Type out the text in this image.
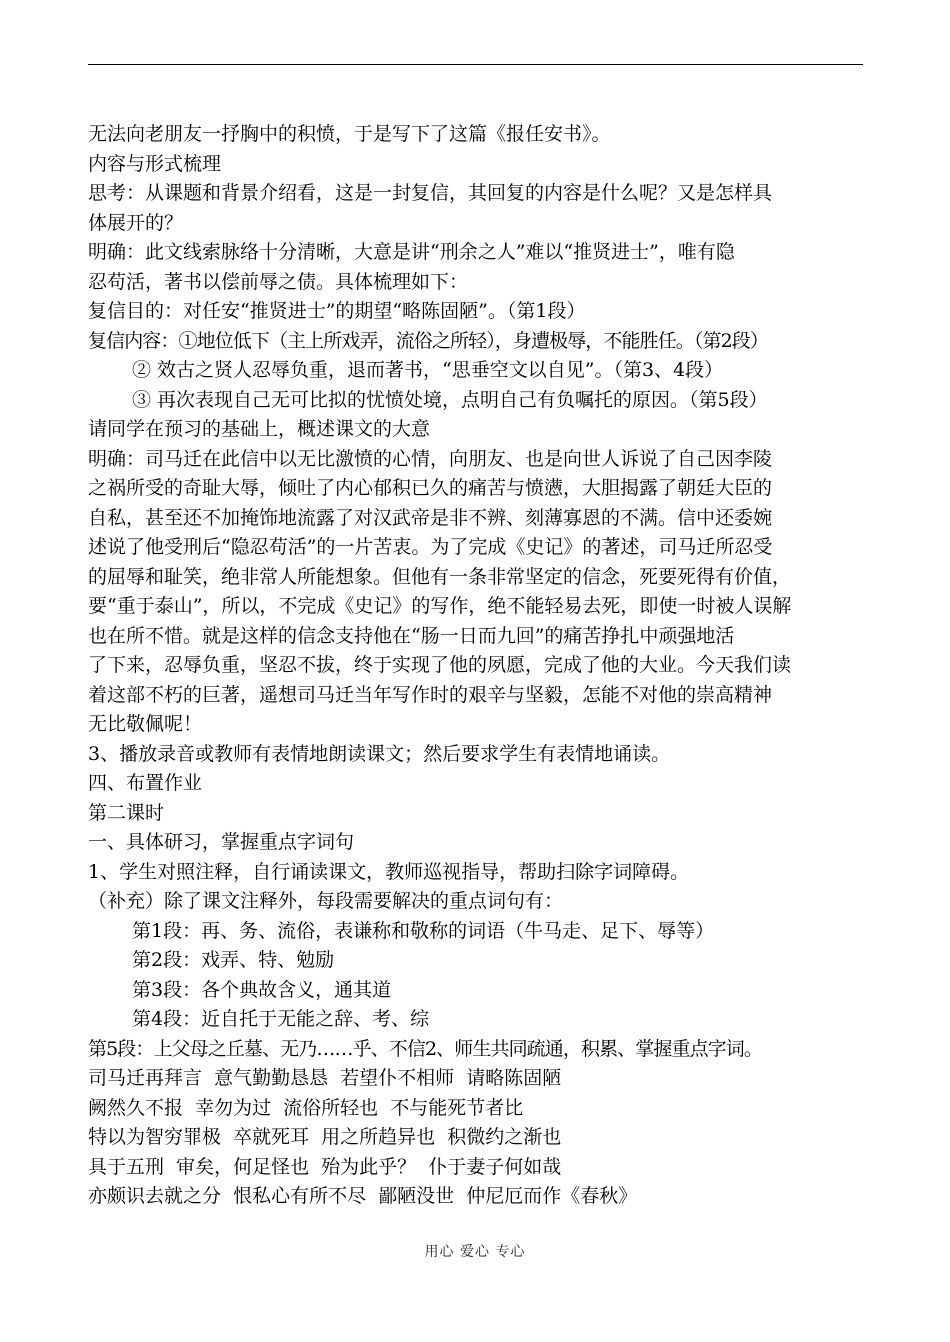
无法向老朋友一抒胸中的积愤，于是写下了这篇《报任安书》。
内容与形式梳理
思考：从课题和背景介绍看，这是一封复信，其回复的内容是什么呢？又是怎样具
体展开的？
明确：此文线索脉络十分清晰，大意是讲“刑余之人”难以“推贤进士”，唯有隐
忍苟活，著书以偿前辱之债。具体梳理如下：
复信目的：对任安“推贤进士”的期望“略陈固陋”。（第1段）
复信内容：①地位低下（主上所戏弄，流俗之所轻），身遭极辱，不能胜任。（第2段）
② 效古之贤人忍辱负重，退而著书，“思垂空文以自见”。（第3、4段）
③ 再次表现自己无可比拟的忧愤处境，点明自己有负嘱托的原因。（第5段）
请同学在预习的基础上，概述课文的大意
明确：司马迁在此信中以无比激愤的心情，向朋友、也是向世人诉说了自己因李陵
之祸所受的奇耻大辱，倾吐了内心郁积已久的痛苦与愤懑，大胆揭露了朝廷大臣的
自私，甚至还不加掩饰地流露了对汉武帝是非不辨、刻薄寡恩的不满。信中还委婉
述说了他受刑后“隐忍苟活”的一片苦衷。为了完成《史记》的著述，司马迁所忍受
的屈辱和耻笑，绝非常人所能想象。但他有一条非常坚定的信念，死要死得有价值，
要“重于泰山”，所以，不完成《史记》的写作，绝不能轻易去死，即使一时被人误解
也在所不惜。就是这样的信念支持他在“肠一日而九回”的痛苦挣扎中顽强地活
了下来，忍辱负重，坚忍不拔，终于实现了他的夙愿，完成了他的大业。今天我们读
着这部不朽的巨著，遥想司马迁当年写作时的艰辛与坚毅，怎能不对他的崇高精神
无比敬佩呢！
3、播放录音或教师有表情地朗读课文；然后要求学生有表情地诵读。
四、布置作业
第二课时
一、具体研习，掌握重点字词句
1、学生对照注释，自行诵读课文，教师巡视指导，帮助扫除字词障碍。
（补充）除了课文注释外，每段需要解决的重点词句有：
第1段：再、务、流俗，表谦称和敬称的词语（牛马走、足下、辱等）
第2段：戏弄、特、勉励
第3段：各个典故含义，通其道
第4段：近自托于无能之辞、考、综
第5段：上父母之丘墓、无乃……乎、不信2、师生共同疏通，积累、掌握重点字词。
司马迁再拜言  意气勤勤恳恳  若望仆不相师  请略陈固陋
阙然久不报  幸勿为过  流俗所轻也  不与能死节者比
特以为智穷罪极  卒就死耳  用之所趋异也  积微约之渐也
具于五刑  审矣，何足怪也  殆为此乎？  仆于妻子何如哉
亦颇识去就之分  恨私心有所不尽  鄙陋没世  仲尼厄而作《春秋》
用心 爱心 专心
